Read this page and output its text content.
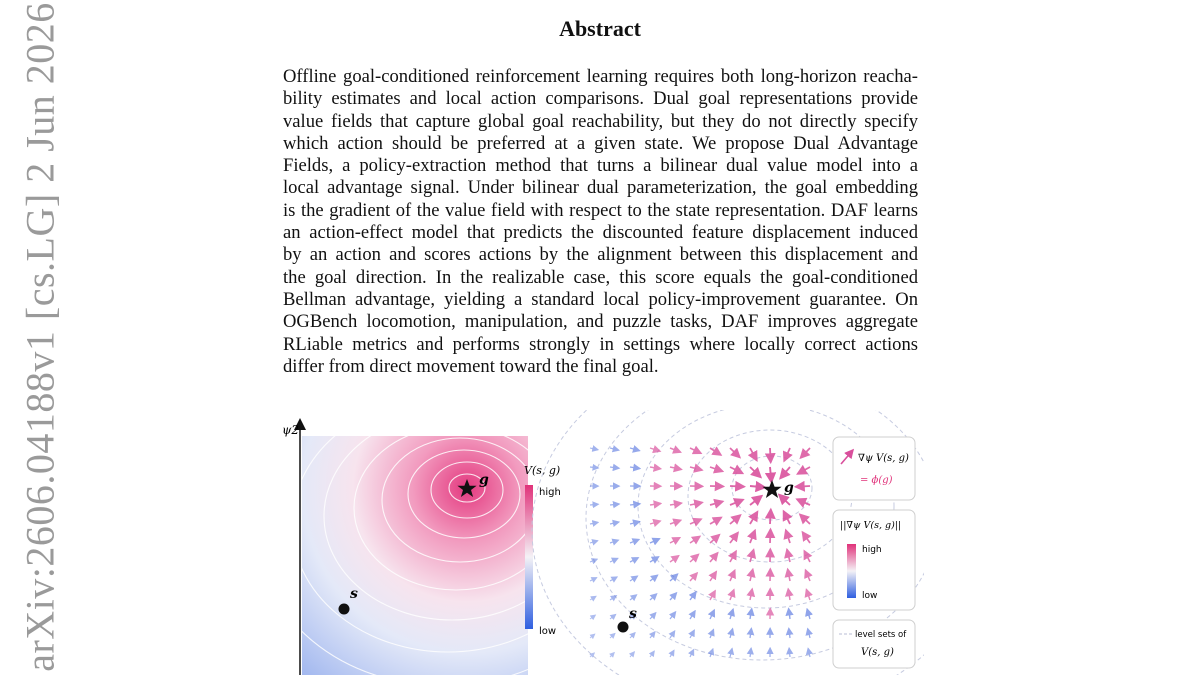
arXiv:2606.04188v1 [cs.LG] 2 Jun 2026	Abstract
Offline goal-conditioned reinforcement learning requires both long-horizon reacha-
bility estimates and local action comparisons. Dual goal representations provide
value fields that capture global goal reachability, but they do not directly specify
which action should be preferred at a given state. We propose Dual Advantage
Fields, a policy-extraction method that turns a bilinear dual value model into a
local advantage signal. Under bilinear dual parameterization, the goal embedding
is the gradient of the value field with respect to the state representation. DAF learns
an action-effect model that predicts the discounted feature displacement induced
by an action and scores actions by the alignment between this displacement and
the goal direction. In the realizable case, this score equals the goal-conditioned
Bellman advantage, yielding a standard local policy-improvement guarantee. On
OGBench locomotion, manipulation, and puzzle tasks, DAF improves aggregate
RLiable metrics and performs strongly in settings where locally correct actions
differ from direct movement toward the final goal.
ψ2
g
s
V(s, g)
high
low
g
s
∇ψ V(s, g)
= ϕ(g)
||∇ψ V(s, g)||
high
low
level sets of
V(s, g)
